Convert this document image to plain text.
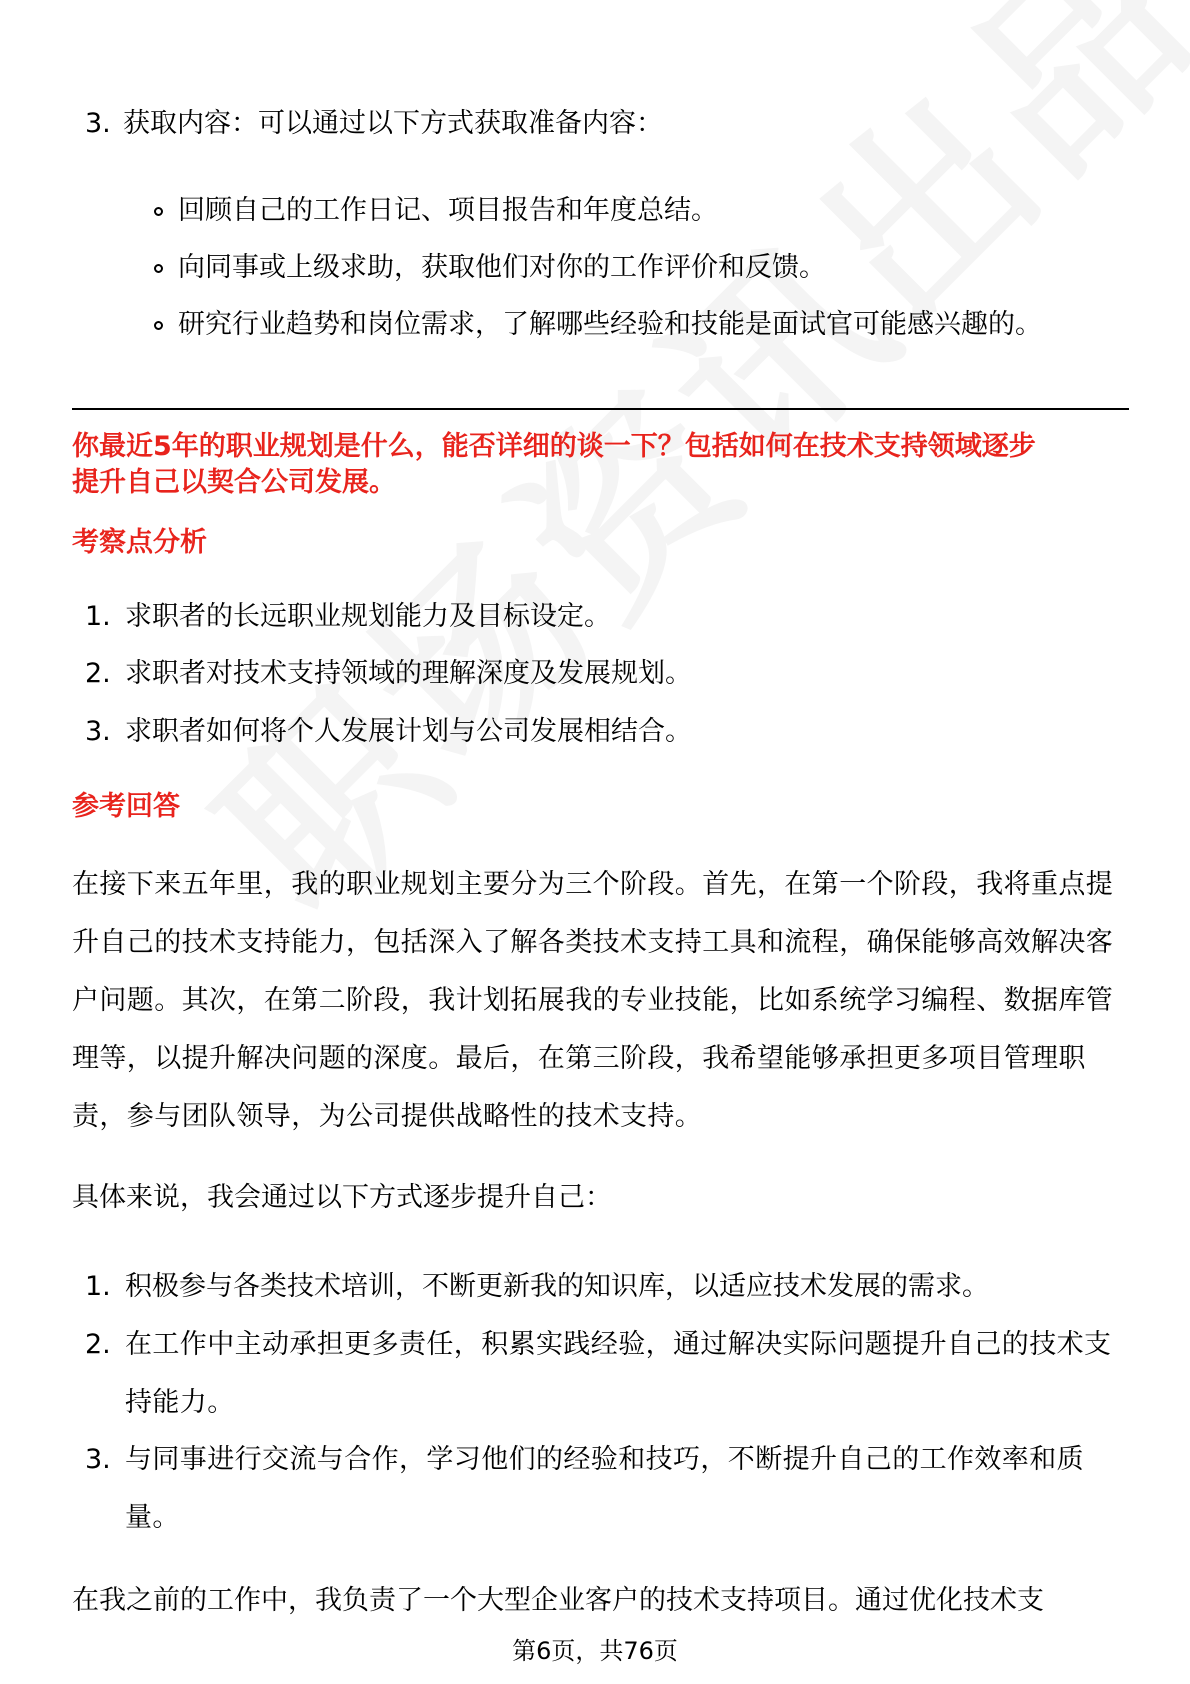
3. 获取内容：可以通过以下方式获取准备内容：
回顾自己的工作日记、项目报告和年度总结。
向同事或上级求助，获取他们对你的工作评价和反馈。
研究行业趋势和岗位需求，了解哪些经验和技能是面试官可能感兴趣的。
你最近5年的职业规划是什么，能否详细的谈一下？包括如何在技术支持领域逐步
提升自己以契合公司发展。
考察点分析
1. 求职者的长远职业规划能力及目标设定。
2. 求职者对技术支持领域的理解深度及发展规划。
3. 求职者如何将个人发展计划与公司发展相结合。
参考回答
在接下来五年里，我的职业规划主要分为三个阶段。首先，在第一个阶段，我将重点提升自己的技术支持能力，包括深入了解各类技术支持工具和流程，确保能够高效解决客户问题。其次，在第二阶段，我计划拓展我的专业技能，比如系统学习编程、数据库管理等，以提升解决问题的深度。最后，在第三阶段，我希望能够承担更多项目管理职责，参与团队领导，为公司提供战略性的技术支持。
具体来说，我会通过以下方式逐步提升自己：
1. 积极参与各类技术培训，不断更新我的知识库，以适应技术发展的需求。
2. 在工作中主动承担更多责任，积累实践经验，通过解决实际问题提升自己的技术支持能力。
3. 与同事进行交流与合作，学习他们的经验和技巧，不断提升自己的工作效率和质量。
在我之前的工作中，我负责了一个大型企业客户的技术支持项目。通过优化技术支
第6页，共76页
